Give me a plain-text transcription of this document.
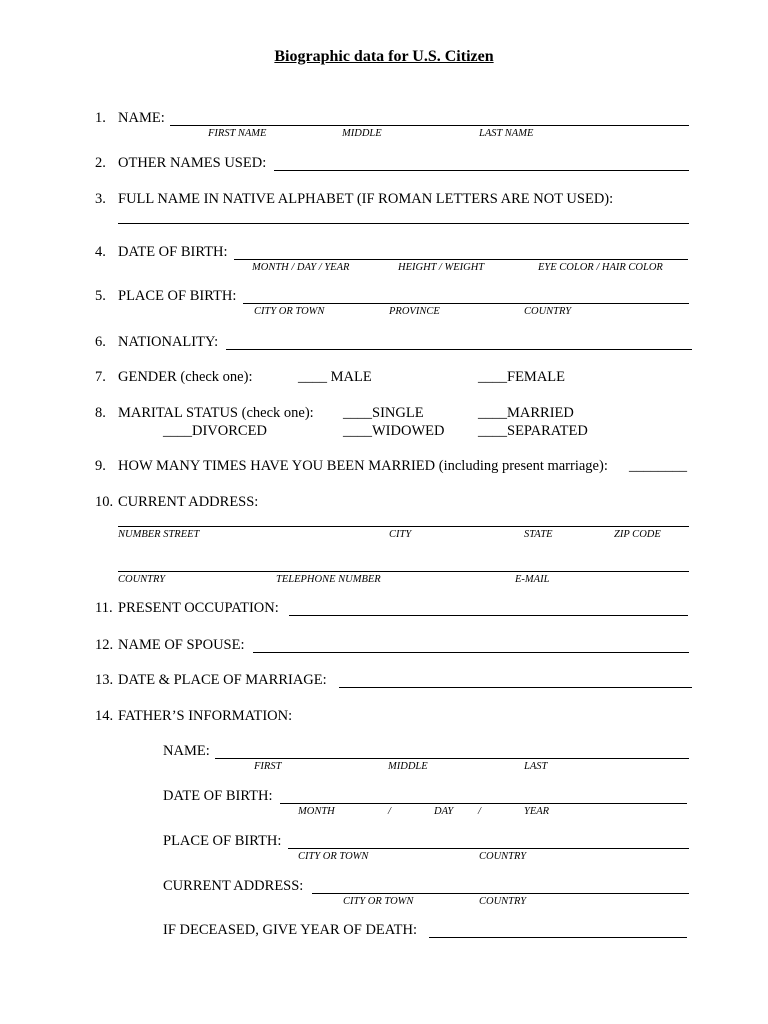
Biographic data for U.S. Citizen
1. NAME:
FIRST NAME	MIDDLE	LAST NAME
2. OTHER NAMES USED:
3. FULL NAME IN NATIVE ALPHABET (IF ROMAN LETTERS ARE NOT USED):
4. DATE OF BIRTH:
MONTH / DAY / YEAR	HEIGHT / WEIGHT	EYE COLOR / HAIR COLOR
5. PLACE OF BIRTH:
CITY OR TOWN	PROVINCE	COUNTRY
6. NATIONALITY:
7. GENDER (check one):	____ MALE	____FEMALE
8. MARITAL STATUS (check one): ____SINGLE	____MARRIED
____DIVORCED	____WIDOWED ____SEPARATED
9. HOW MANY TIMES HAVE YOU BEEN MARRIED (including present marriage): ________
10. CURRENT ADDRESS:
NUMBER STREET	CITY	STATE	ZIP CODE
COUNTRY	TELEPHONE NUMBER	E-MAIL
11. PRESENT OCCUPATION:
12. NAME OF SPOUSE:
13. DATE & PLACE OF MARRIAGE:
14. FATHER’S INFORMATION:
NAME:
FIRST	MIDDLE	LAST
DATE OF BIRTH:
MONTH	/	DAY /	YEAR
PLACE OF BIRTH:
CITY OR TOWN	COUNTRY
CURRENT ADDRESS:
CITY OR TOWN	COUNTRY
IF DECEASED, GIVE YEAR OF DEATH:
